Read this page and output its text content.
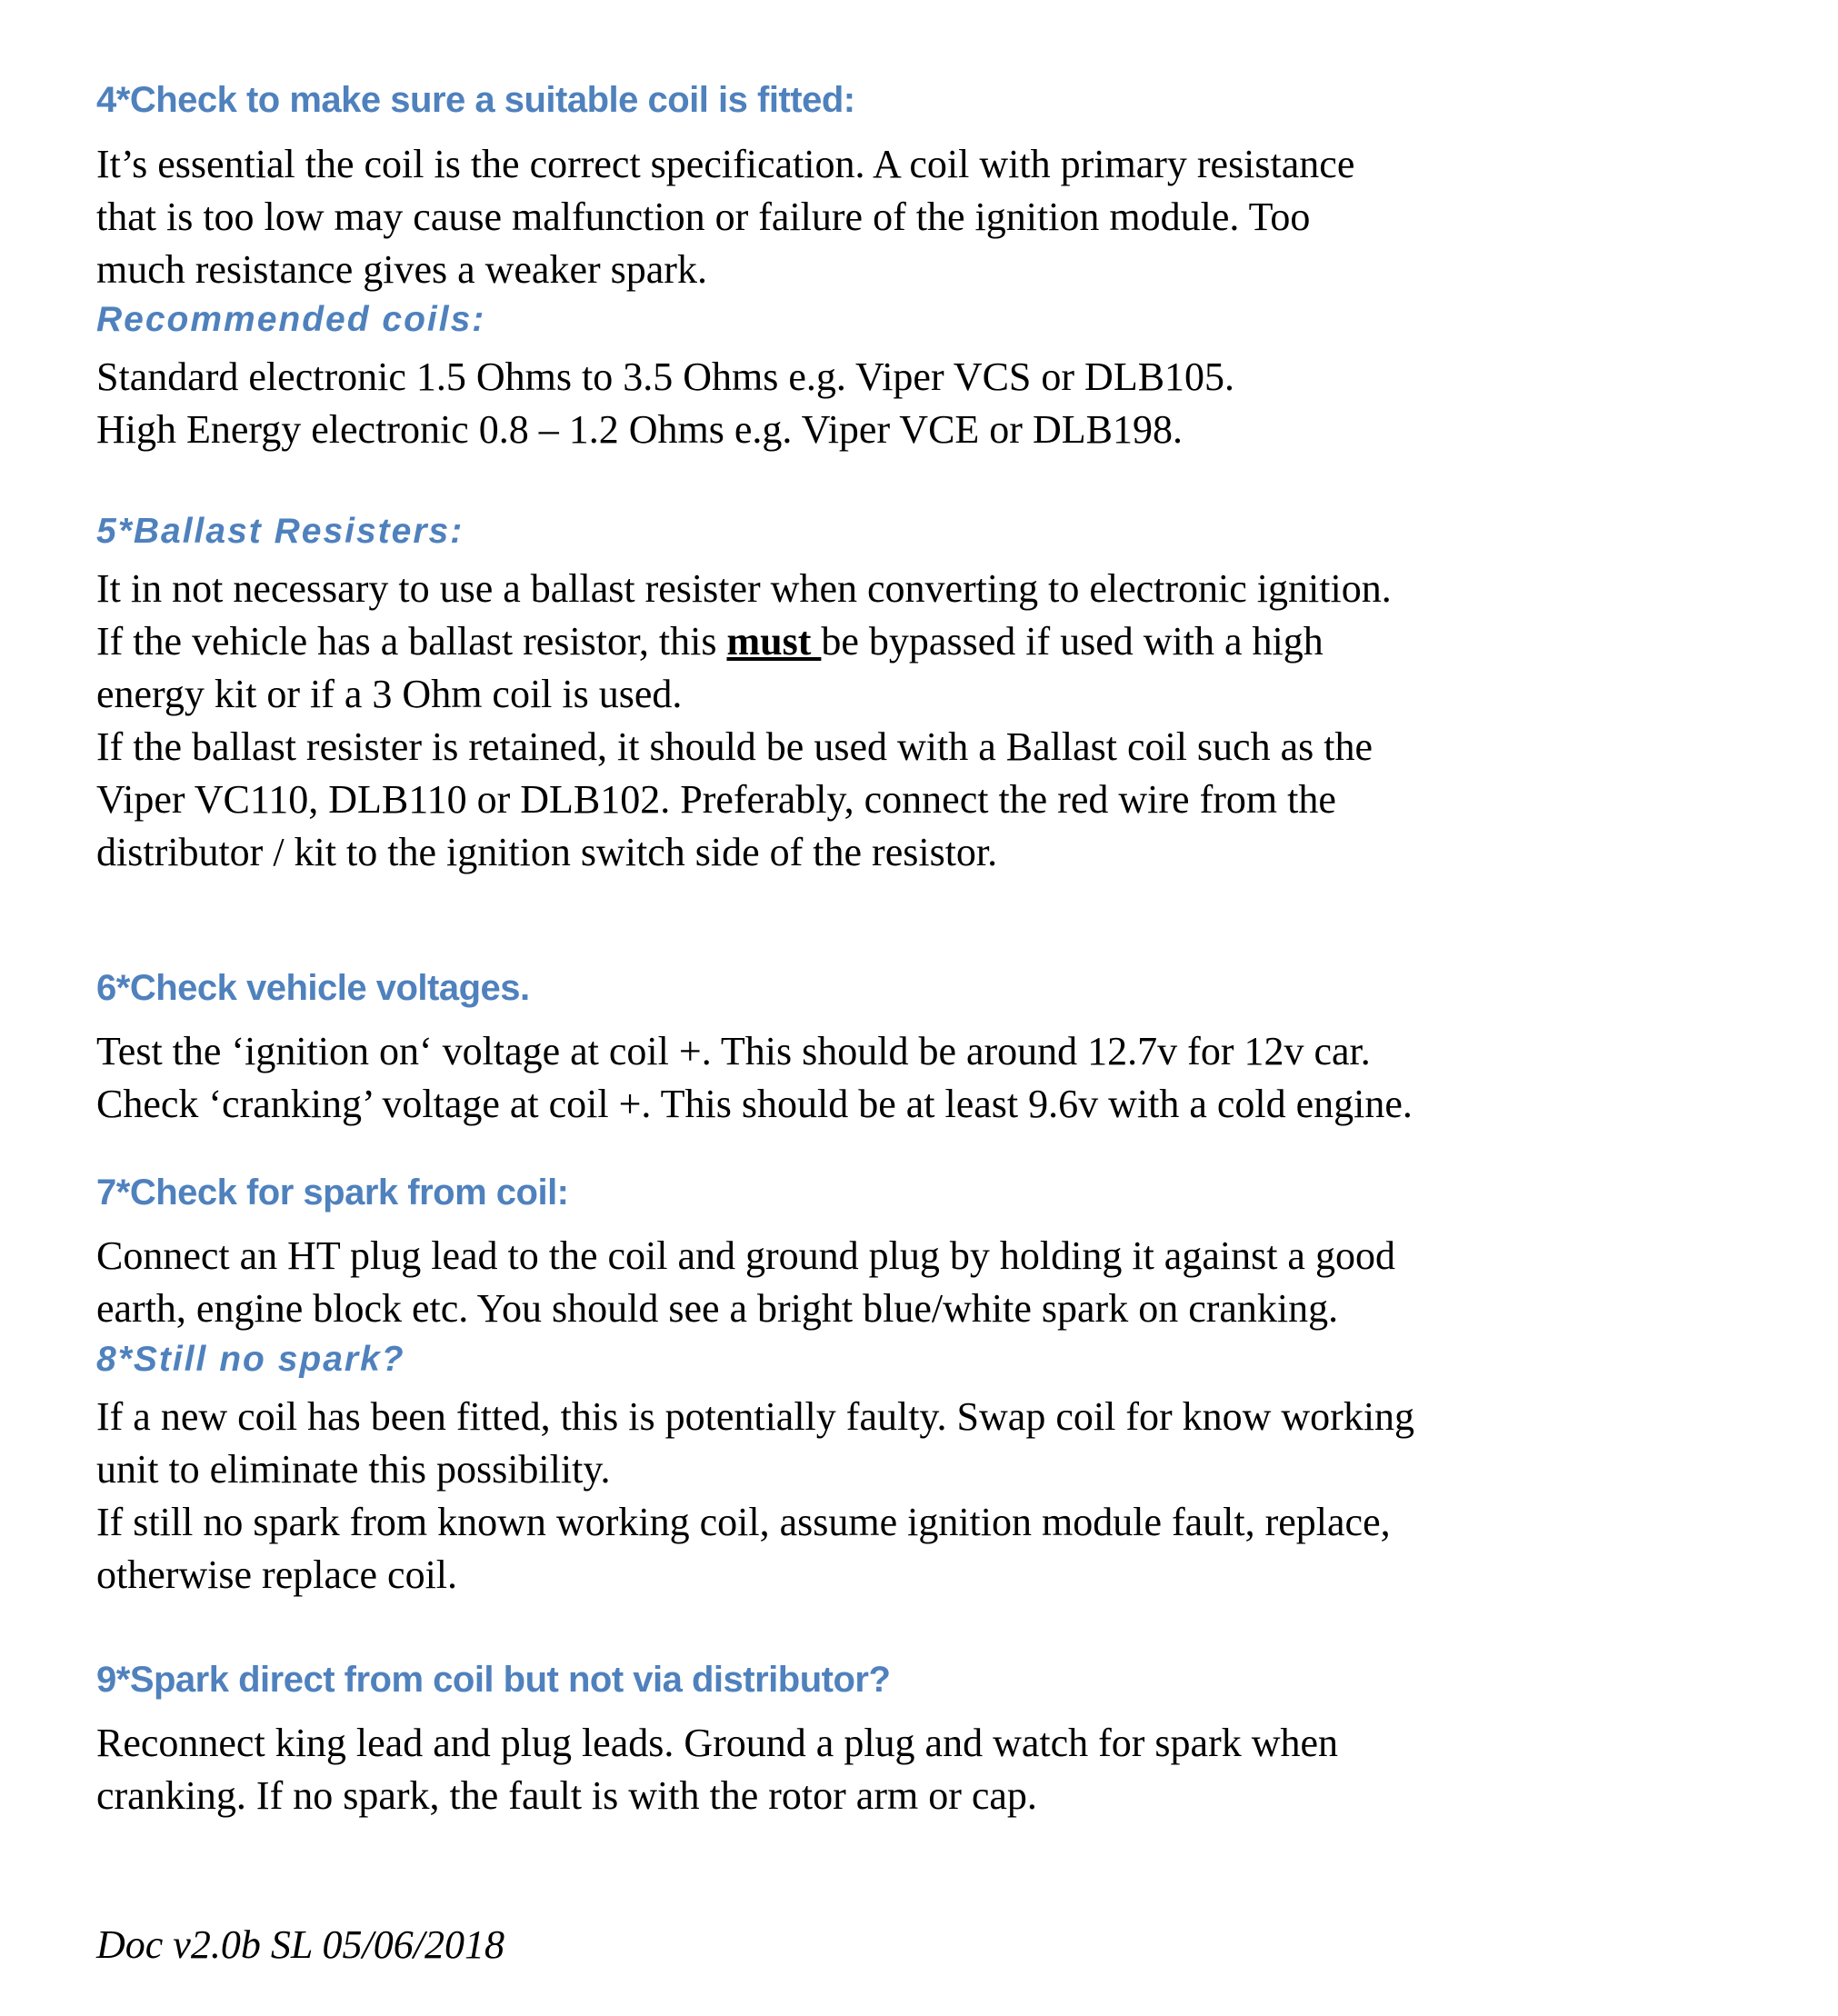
4*Check to make sure a suitable coil is fitted:
It’s essential the coil is the correct specification. A coil with primary resistance
that is too low may cause malfunction or failure of the ignition module. Too
much resistance gives a weaker spark.
Recommended coils:
Standard electronic 1.5 Ohms to 3.5 Ohms e.g. Viper VCS or DLB105.
High Energy electronic 0.8 – 1.2 Ohms e.g. Viper VCE or DLB198.
5*Ballast Resisters:
It in not necessary to use a ballast resister when converting to electronic ignition.
If the vehicle has a ballast resistor, this must be bypassed if used with a high
energy kit or if a 3 Ohm coil is used.
If the ballast resister is retained, it should be used with a Ballast coil such as the
Viper VC110, DLB110 or DLB102. Preferably, connect the red wire from the
distributor / kit to the ignition switch side of the resistor.
6*Check vehicle voltages.
Test the ‘ignition on‘ voltage at coil +. This should be around 12.7v for 12v car.
Check ‘cranking’ voltage at coil +. This should be at least 9.6v with a cold engine.
7*Check for spark from coil:
Connect an HT plug lead to the coil and ground plug by holding it against a good
earth, engine block etc. You should see a bright blue/white spark on cranking.
8*Still no spark?
If a new coil has been fitted, this is potentially faulty. Swap coil for know working
unit to eliminate this possibility.
If still no spark from known working coil, assume ignition module fault, replace,
otherwise replace coil.
9*Spark direct from coil but not via distributor?
Reconnect king lead and plug leads. Ground a plug and watch for spark when
cranking. If no spark, the fault is with the rotor arm or cap.
Doc v2.0b SL 05/06/2018
